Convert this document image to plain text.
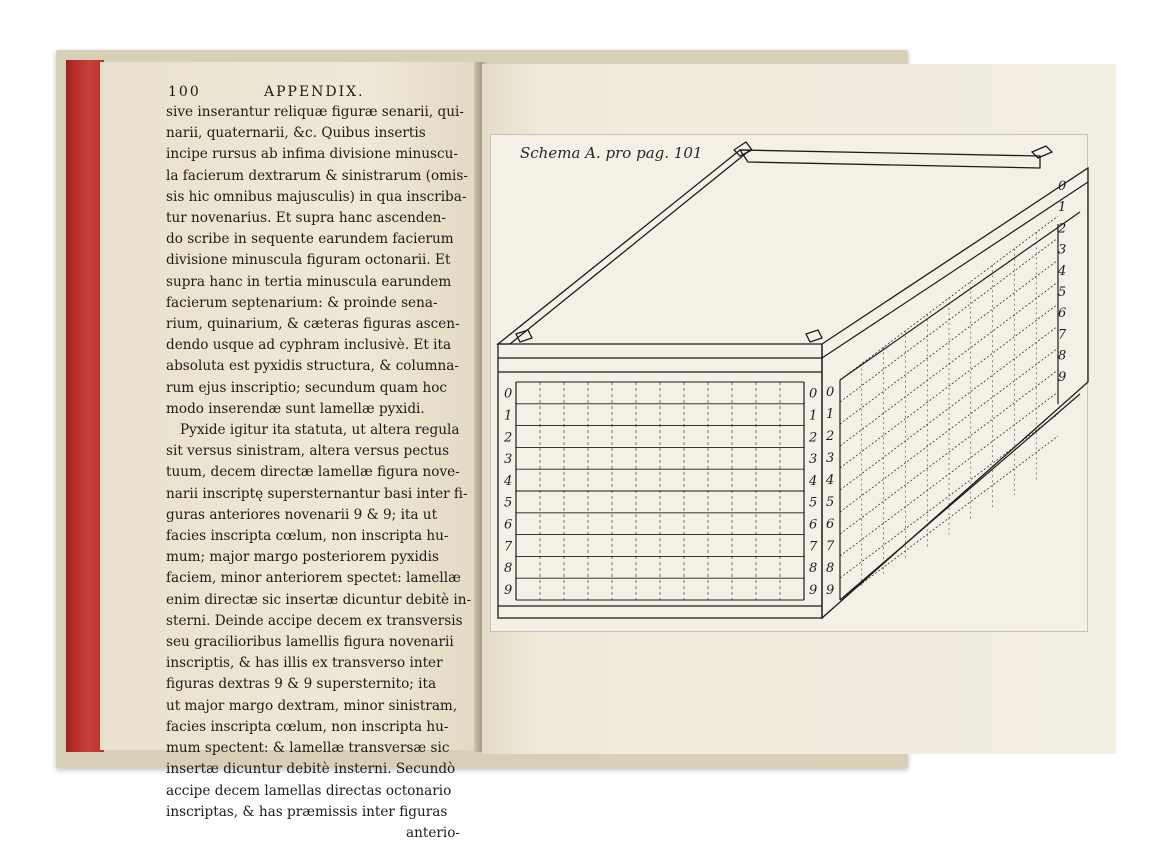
100	APPENDIX.
sive inserantur reliquæ figuræ senarii, qui-
narii, quaternarii, &c. Quibus insertis
incipe rursus ab infima divisione minuscu-
la facierum dextrarum & sinistrarum (omis-
sis hic omnibus majusculis) in qua inscriba-
tur novenarius. Et supra hanc ascenden-
do scribe in sequente earundem facierum
divisione minuscula figuram octonarii. Et
supra hanc in tertia minuscula earundem
facierum septenarium: & proinde sena-
rium, quinarium, & cæteras figuras ascen-
dendo usque ad cyphram inclusivè. Et ita
absoluta est pyxidis structura, & columna-
rum ejus inscriptio; secundum quam hoc
modo inserendæ sunt lamellæ pyxidi.
Pyxide igitur ita statuta, ut altera regula
sit versus sinistram, altera versus pectus
tuum, decem directæ lamellæ figura nove-
narii inscriptę supersternantur basi inter fi-
guras anteriores novenarii 9 & 9; ita ut
facies inscripta cœlum, non inscripta hu-
mum; major margo posteriorem pyxidis
faciem, minor anteriorem spectet: lamellæ
enim directæ sic insertæ dicuntur debitè in-
sterni. Deinde accipe decem ex transversis
seu gracilioribus lamellis figura novenarii
inscriptis, & has illis ex transverso inter
figuras dextras 9 & 9 supersternito; ita
ut major margo dextram, minor sinistram,
facies inscripta cœlum, non inscripta hu-
mum spectent: & lamellæ transversæ sic
insertæ dicuntur debitè insterni. Secundò
accipe decem lamellas directas octonario
inscriptas, & has præmissis inter figuras
anterio-
Schema A. pro pag. 101
0	0
1	1
2	2
3	3
4	4
5	5
6	6
7	7
8	8
9	9
0
0
1
1
2
2
3
3
4
4
5
5
6
6
7
7
8
8
9
9
